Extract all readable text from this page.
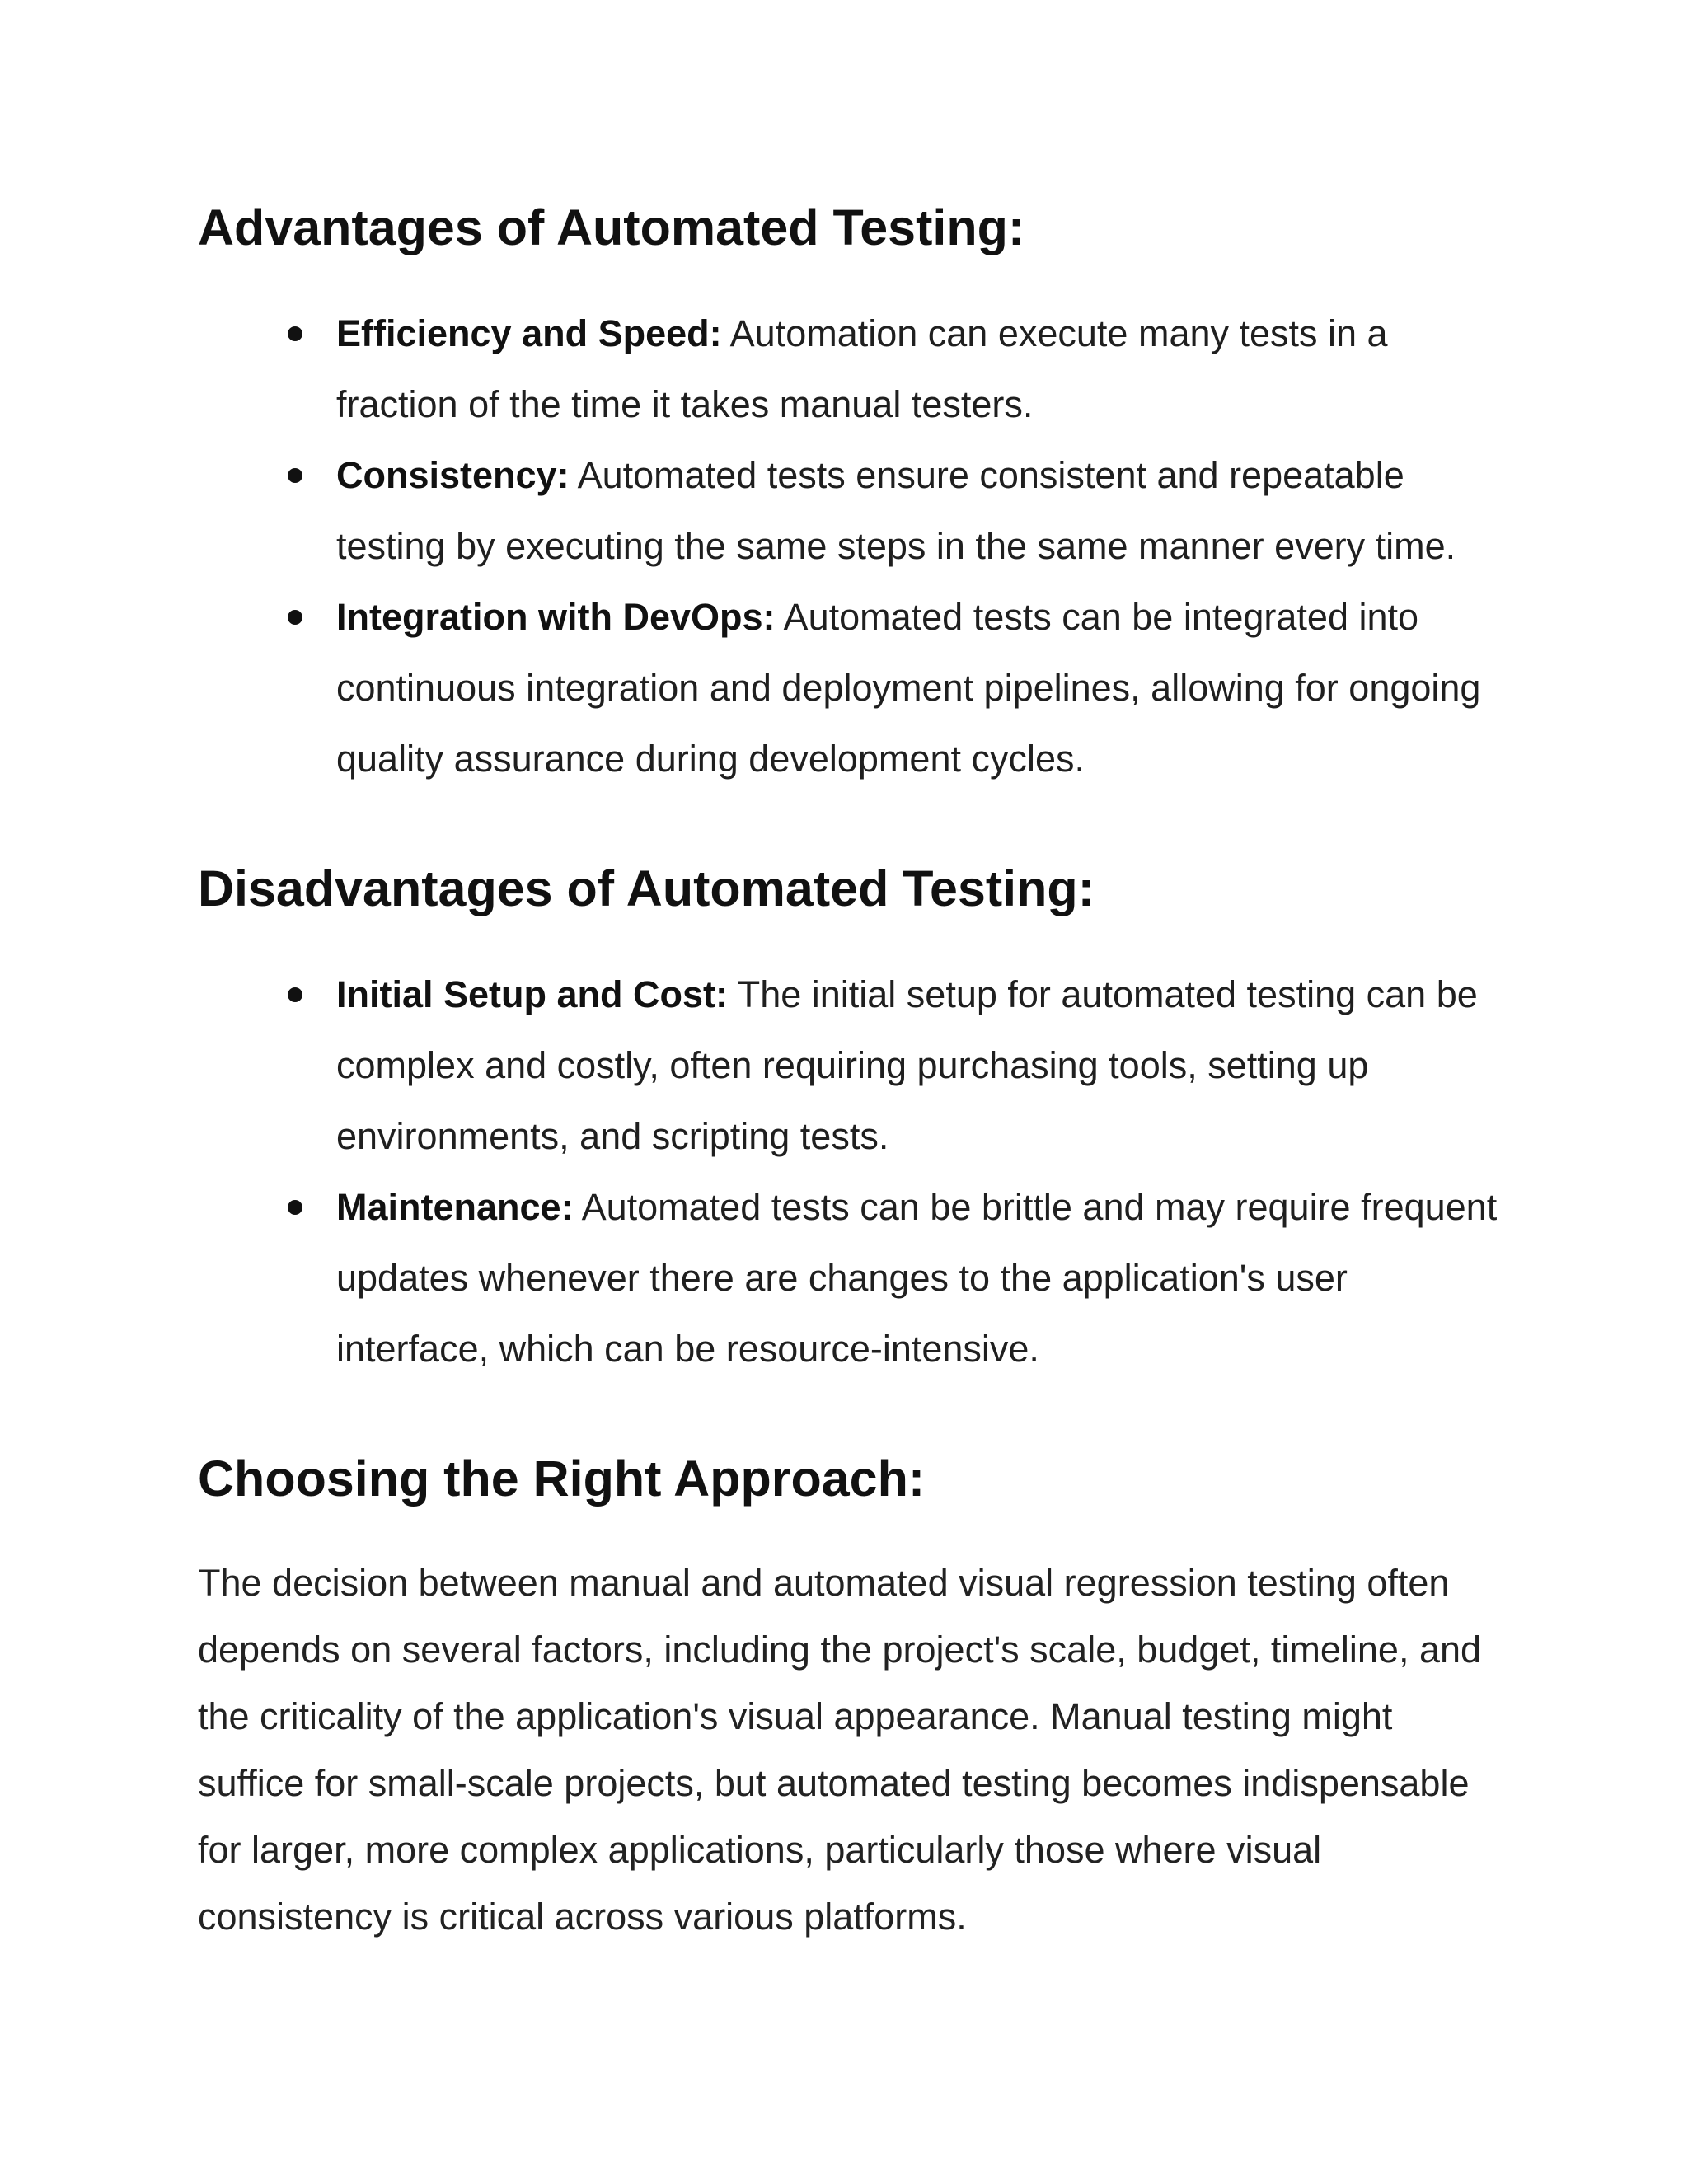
Advantages of Automated Testing:
Efficiency and Speed: Automation can execute many tests in a fraction of the time it takes manual testers.
Consistency: Automated tests ensure consistent and repeatable testing by executing the same steps in the same manner every time.
Integration with DevOps: Automated tests can be integrated into continuous integration and deployment pipelines, allowing for ongoing quality assurance during development cycles.
Disadvantages of Automated Testing:
Initial Setup and Cost: The initial setup for automated testing can be complex and costly, often requiring purchasing tools, setting up environments, and scripting tests.
Maintenance: Automated tests can be brittle and may require frequent updates whenever there are changes to the application's user interface, which can be resource-intensive.
Choosing the Right Approach:

The decision between manual and automated visual regression testing often depends on several factors, including the project's scale, budget, timeline, and the criticality of the application's visual appearance. Manual testing might suffice for small-scale projects, but automated testing becomes indispensable for larger, more complex applications, particularly those where visual consistency is critical across various platforms.
